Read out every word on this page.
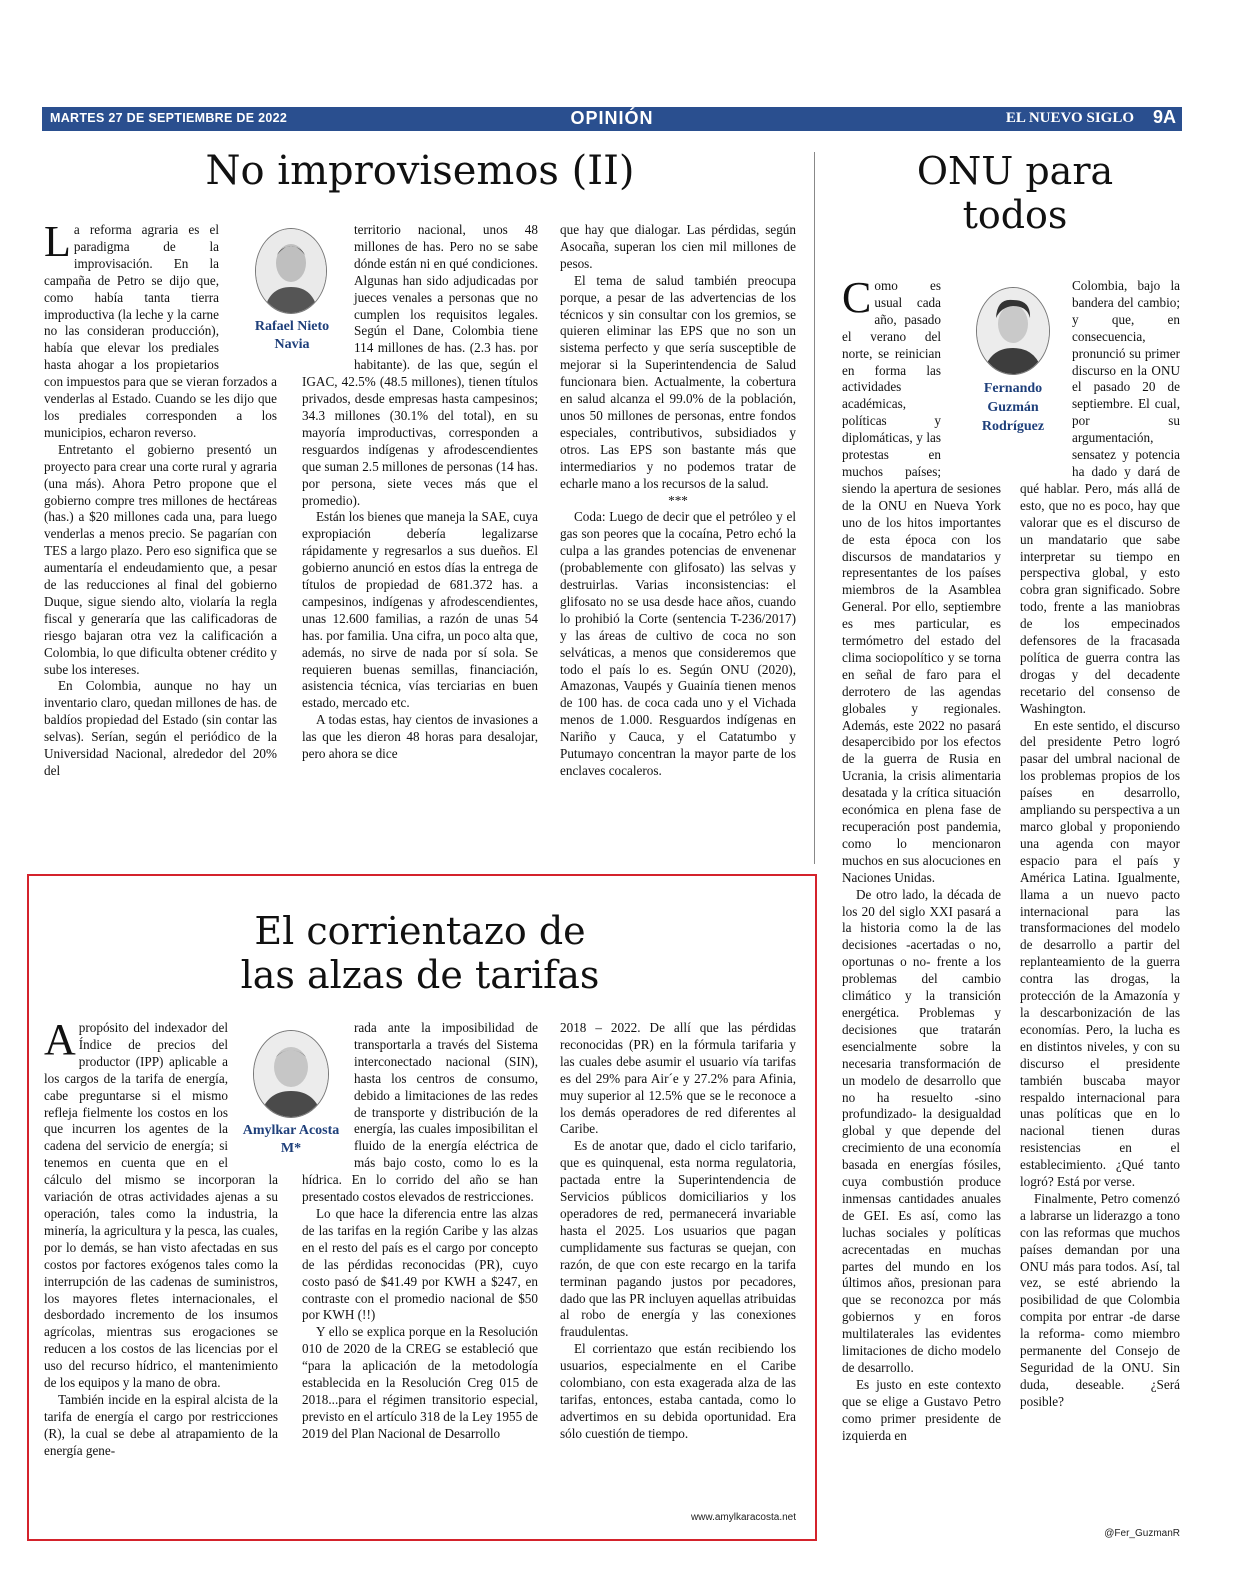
MARTES 27 DE SEPTIEMBRE DE 2022	OPINIÓN	EL NUEVO SIGLO 9A
No improvisemos (II)
Rafael Nieto Navia

La reforma agraria es el paradigma de la improvisación. En la campaña de Petro se dijo que, como había tanta tierra improductiva (la leche y la carne no las consideran producción), había que elevar los prediales hasta ahogar a los propietarios con impuestos para que se vieran forzados a venderlas al Estado. Cuando se les dijo que los prediales corresponden a los municipios, echaron reverso.

Entretanto el gobierno presentó un proyecto para crear una corte rural y agraria (una más). Ahora Petro propone que el gobierno compre tres millones de hectáreas (has.) a $20 millones cada una, para luego venderlas a menos precio. Se pagarían con TES a largo plazo. Pero eso significa que se aumentaría el endeudamiento que, a pesar de las reducciones al final del gobierno Duque, sigue siendo alto, violaría la regla fiscal y generaría que las calificadoras de riesgo bajaran otra vez la calificación a Colombia, lo que dificulta obtener crédito y sube los intereses.

En Colombia, aunque no hay un inventario claro, quedan millones de has. de baldíos propiedad del Estado (sin contar las selvas). Serían, según el periódico de la Universidad Nacional, alrededor del 20% del

territorio nacional, unos 48 millones de has. Pero no se sabe dónde están ni en qué condiciones. Algunas han sido adjudicadas por jueces venales a personas que no cumplen los requisitos legales. Según el Dane, Colombia tiene 114 millones de has. (2.3 has. por habitante). de las que, según el IGAC, 42.5% (48.5 millones), tienen títulos privados, desde empresas hasta campesinos; 34.3 millones (30.1% del total), en su mayoría improductivas, corresponden a resguardos indígenas y afrodescendientes que suman 2.5 millones de personas (14 has. por persona, siete veces más que el promedio).

Están los bienes que maneja la SAE, cuya expropiación debería legalizarse rápidamente y regresarlos a sus dueños. El gobierno anunció en estos días la entrega de títulos de propiedad de 681.372 has. a campesinos, indígenas y afrodescendientes, unas 12.600 familias, a razón de unas 54 has. por familia. Una cifra, un poco alta que, además, no sirve de nada por sí sola. Se requieren buenas semillas, financiación, asistencia técnica, vías terciarias en buen estado, mercado etc.

A todas estas, hay cientos de invasiones a las que les dieron 48 horas para desalojar, pero ahora se dice

que hay que dialogar. Las pérdidas, según Asocaña, superan los cien mil millones de pesos.

El tema de salud también preocupa porque, a pesar de las advertencias de los técnicos y sin consultar con los gremios, se quieren eliminar las EPS que no son un sistema perfecto y que sería susceptible de mejorar si la Superintendencia de Salud funcionara bien. Actualmente, la cobertura en salud alcanza el 99.0% de la población, unos 50 millones de personas, entre fondos especiales, contributivos, subsidiados y otros. Las EPS son bastante más que intermediarios y no podemos tratar de echarle mano a los recursos de la salud.

***

Coda: Luego de decir que el petróleo y el gas son peores que la cocaína, Petro echó la culpa a las grandes potencias de envenenar (probablemente con glifosato) las selvas y destruirlas. Varias inconsistencias: el glifosato no se usa desde hace años, cuando lo prohibió la Corte (sentencia T-236/2017) y las áreas de cultivo de coca no son selváticas, a menos que consideremos que todo el país lo es. Según ONU (2020), Amazonas, Vaupés y Guainía tienen menos de 100 has. de coca cada uno y el Vichada menos de 1.000. Resguardos indígenas en Nariño y Cauca, y el Catatumbo y Putumayo concentran la mayor parte de los enclaves cocaleros.

El corrientazo de
las alzas de tarifas
Amylkar Acosta M*

A propósito del indexador del Índice de precios del productor (IPP) aplicable a los cargos de la tarifa de energía, cabe preguntarse si el mismo refleja fielmente los costos en los que incurren los agentes de la cadena del servicio de energía; si tenemos en cuenta que en el cálculo del mismo se incorporan la variación de otras actividades ajenas a su operación, tales como la industria, la minería, la agricultura y la pesca, las cuales, por lo demás, se han visto afectadas en sus costos por factores exógenos tales como la interrupción de las cadenas de suministros, los mayores fletes internacionales, el desbordado incremento de los insumos agrícolas, mientras sus erogaciones se reducen a los costos de las licencias por el uso del recurso hídrico, el mantenimiento de los equipos y la mano de obra.

También incide en la espiral alcista de la tarifa de energía el cargo por restricciones (R), la cual se debe al atrapamiento de la energía gene-

rada ante la imposibilidad de transportarla a través del Sistema interconectado nacional (SIN), hasta los centros de consumo, debido a limitaciones de las redes de transporte y distribución de la energía, las cuales imposibilitan el fluido de la energía eléctrica de más bajo costo, como lo es la hídrica. En lo corrido del año se han presentado costos elevados de restricciones.

Lo que hace la diferencia entre las alzas de las tarifas en la región Caribe y las alzas en el resto del país es el cargo por concepto de las pérdidas reconocidas (PR), cuyo costo pasó de $41.49 por KWH a $247, en contraste con el promedio nacional de $50 por KWH (!!)

Y ello se explica porque en la Resolución 010 de 2020 de la CREG se estableció que “para la aplicación de la metodología establecida en la Resolución Creg 015 de 2018...para el régimen transitorio especial, previsto en el artículo 318 de la Ley 1955 de 2019 del Plan Nacional de Desarrollo

2018 – 2022. De allí que las pérdidas reconocidas (PR) en la fórmula tarifaria y las cuales debe asumir el usuario vía tarifas es del 29% para Air´e y 27.2% para Afinia, muy superior al 12.5% que se le reconoce a los demás operadores de red diferentes al Caribe.

Es de anotar que, dado el ciclo tarifario, que es quinquenal, esta norma regulatoria, pactada entre la Superintendencia de Servicios públicos domiciliarios y los operadores de red, permanecerá invariable hasta el 2025. Los usuarios que pagan cumplidamente sus facturas se quejan, con razón, de que con este recargo en la tarifa terminan pagando justos por pecadores, dado que las PR incluyen aquellas atribuidas al robo de energía y las conexiones fraudulentas.

El corrientazo que están recibiendo los usuarios, especialmente en el Caribe colombiano, con esta exagerada alza de las tarifas, entonces, estaba cantada, como lo advertimos en su debida oportunidad. Era sólo cuestión de tiempo.

www.amylkaracosta.net
ONU para
todos
Fernando Guzmán Rodríguez

Como es usual cada año, pasado el verano del norte, se reinician en forma las actividades académicas, políticas y diplomáticas, y las protestas en muchos países; siendo la apertura de sesiones de la ONU en Nueva York uno de los hitos importantes de esta época con los discursos de mandatarios y representantes de los países miembros de la Asamblea General. Por ello, septiembre es mes particular, es termómetro del estado del clima sociopolítico y se torna en señal de faro para el derrotero de las agendas globales y regionales. Además, este 2022 no pasará desapercibido por los efectos de la guerra de Rusia en Ucrania, la crisis alimentaria desatada y la crítica situación económica en plena fase de recuperación post pandemia, como lo mencionaron muchos en sus alocuciones en Naciones Unidas.

De otro lado, la década de los 20 del siglo XXI pasará a la historia como la de las decisiones -acertadas o no, oportunas o no- frente a los problemas del cambio climático y la transición energética. Problemas y decisiones que tratarán esencialmente sobre la necesaria transformación de un modelo de desarrollo que no ha resuelto -sino profundizado- la desigualdad global y que depende del crecimiento de una economía basada en energías fósiles, cuya combustión produce inmensas cantidades anuales de GEI. Es así, como las luchas sociales y políticas acrecentadas en muchas partes del mundo en los últimos años, presionan para que se reconozca por más gobiernos y en foros multilaterales las evidentes limitaciones de dicho modelo de desarrollo.

Es justo en este contexto que se elige a Gustavo Petro como primer presidente de izquierda en

Colombia, bajo la bandera del cambio; y que, en consecuencia, pronunció su primer discurso en la ONU el pasado 20 de septiembre. El cual, por su argumentación, sensatez y potencia ha dado y dará de qué hablar. Pero, más allá de esto, que no es poco, hay que valorar que es el discurso de un mandatario que sabe interpretar su tiempo en perspectiva global, y esto cobra gran significado. Sobre todo, frente a las maniobras de los empecinados defensores de la fracasada política de guerra contra las drogas y del decadente recetario del consenso de Washington.

En este sentido, el discurso del presidente Petro logró pasar del umbral nacional de los problemas propios de los países en desarrollo, ampliando su perspectiva a un marco global y proponiendo una agenda con mayor espacio para el país y América Latina. Igualmente, llama a un nuevo pacto internacional para las transformaciones del modelo de desarrollo a partir del replanteamiento de la guerra contra las drogas, la protección de la Amazonía y la descarbonización de las economías. Pero, la lucha es en distintos niveles, y con su discurso el presidente también buscaba mayor respaldo internacional para unas políticas que en lo nacional tienen duras resistencias en el establecimiento. ¿Qué tanto logró? Está por verse.

Finalmente, Petro comenzó a labrarse un liderazgo a tono con las reformas que muchos países demandan por una ONU más para todos. Así, tal vez, se esté abriendo la posibilidad de que Colombia compita por entrar -de darse la reforma- como miembro permanente del Consejo de Seguridad de la ONU. Sin duda, deseable. ¿Será posible?

@Fer_GuzmanR
